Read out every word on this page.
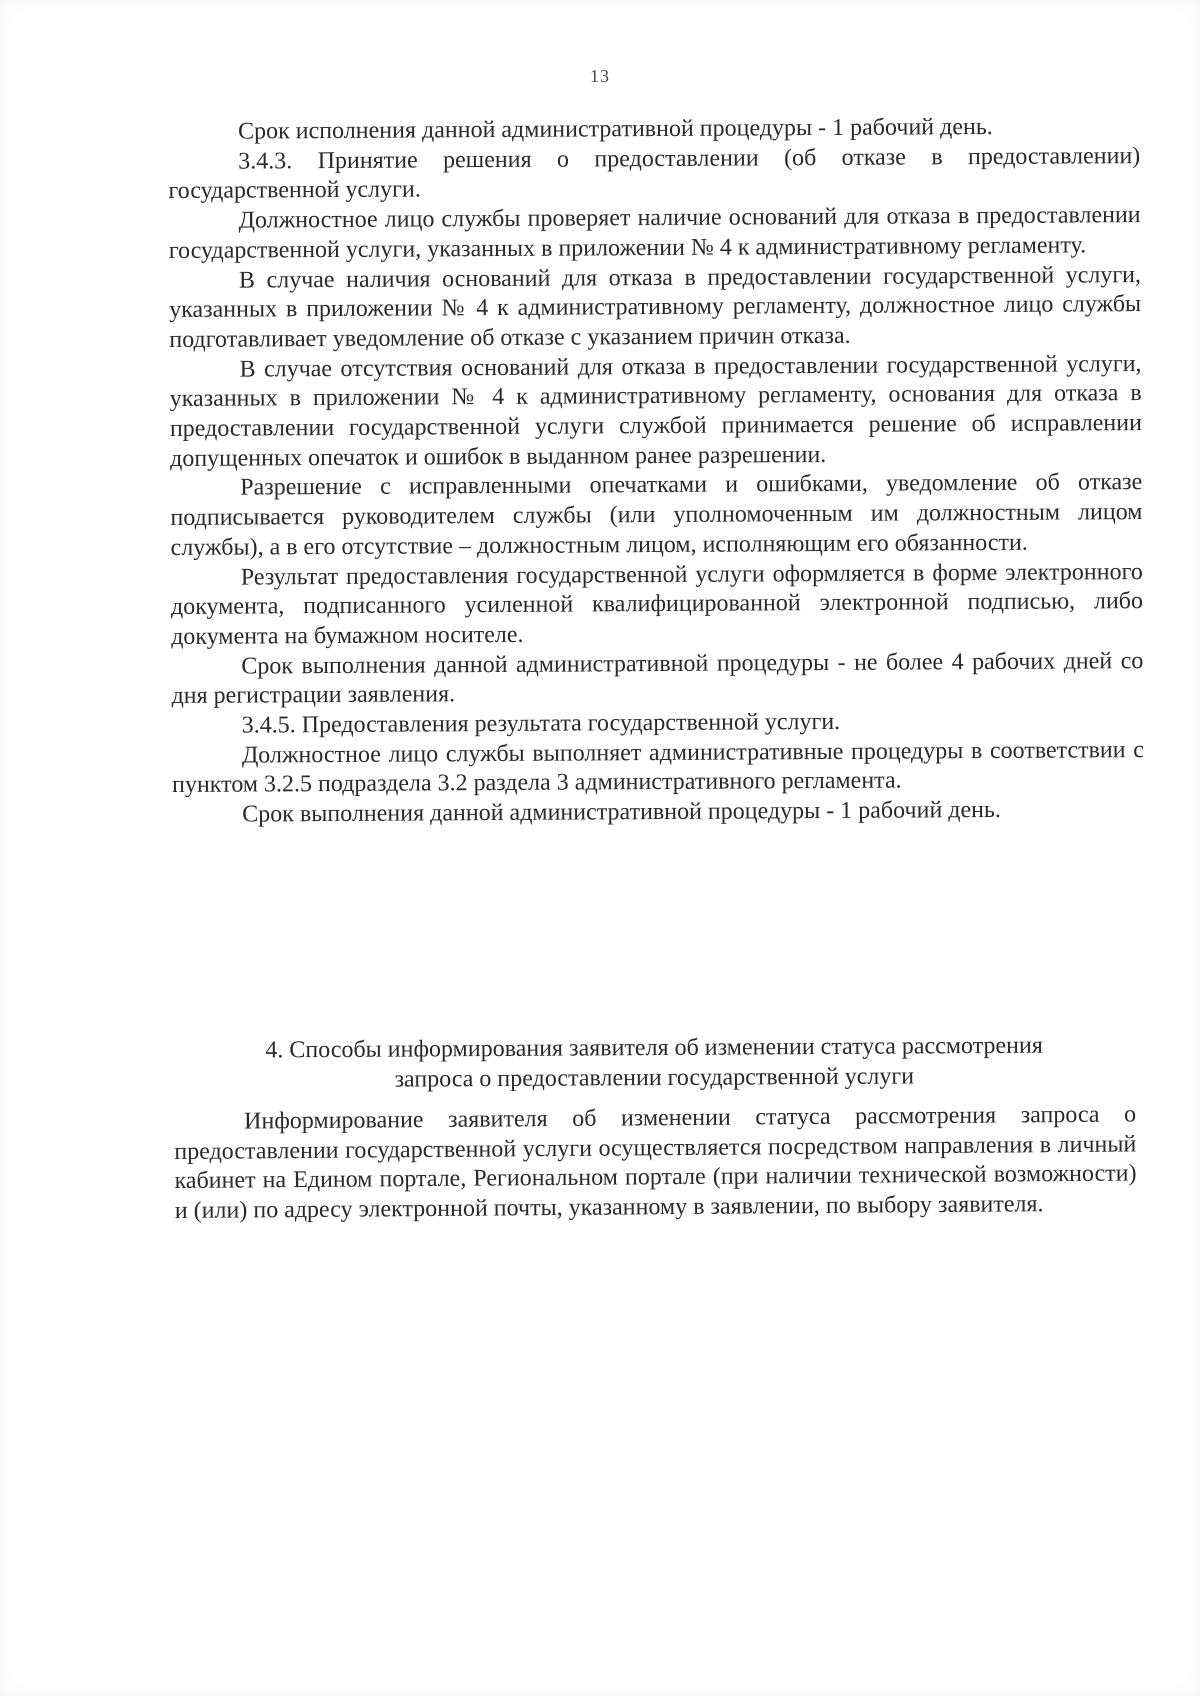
13

Срок исполнения данной административной процедуры - 1 рабочий день.

3.4.3. Принятие решения о предоставлении (об отказе в предоставлении) государственной услуги.

Должностное лицо службы проверяет наличие оснований для отказа в предоставлении государственной услуги, указанных в приложении № 4 к административному регламенту.

В случае наличия оснований для отказа в предоставлении государственной услуги, указанных в приложении № 4 к административному регламенту, должностное лицо службы подготавливает уведомление об отказе с указанием причин отказа.

В случае отсутствия оснований для отказа в предоставлении государственной услуги, указанных в приложении № 4 к административному регламенту, основания для отказа в предоставлении государственной услуги службой принимается решение об исправлении допущенных опечаток и ошибок в выданном ранее разрешении.

Разрешение с исправленными опечатками и ошибками, уведомление об отказе подписывается руководителем службы (или уполномоченным им должностным лицом службы), а в его отсутствие – должностным лицом, исполняющим его обязанности.

Результат предоставления государственной услуги оформляется в форме электронного документа, подписанного усиленной квалифицированной электронной подписью, либо документа на бумажном носителе.

Срок выполнения данной административной процедуры - не более 4 рабочих дней со дня регистрации заявления.

3.4.5. Предоставления результата государственной услуги.

Должностное лицо службы выполняет административные процедуры в соответствии с пунктом 3.2.5 подраздела 3.2 раздела 3 административного регламента.

Срок выполнения данной административной процедуры - 1 рабочий день.

4. Способы информирования заявителя об изменении статуса рассмотрения
запроса о предоставлении государственной услуги

Информирование заявителя об изменении статуса рассмотрения запроса о предоставлении государственной услуги осуществляется посредством направления в личный кабинет на Едином портале, Региональном портале (при наличии технической возможности) и (или) по адресу электронной почты, указанному в заявлении, по выбору заявителя.
